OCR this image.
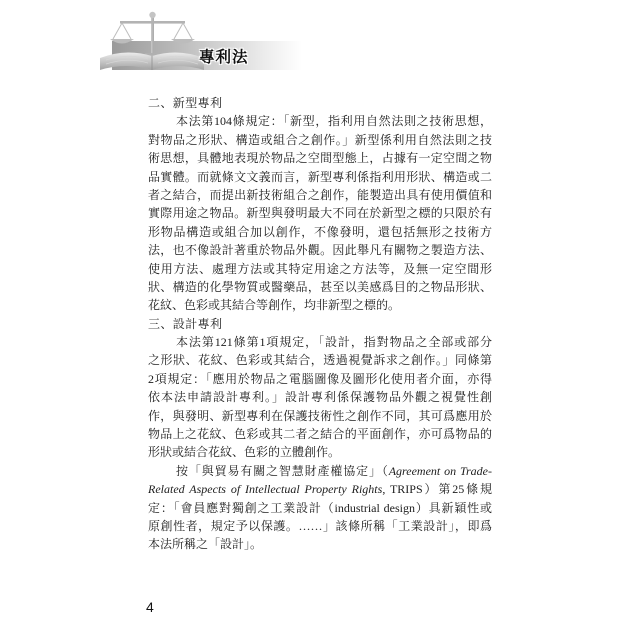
專利法
二、新型專利
本法第104條規定：「新型，指利用自然法則之技術思想，
對物品之形狀、構造或組合之創作。」新型係利用自然法則之技
術思想，具體地表現於物品之空間型態上，占據有一定空間之物
品實體。而就條文文義而言，新型專利係指利用形狀、構造或二
者之結合，而提出新技術組合之創作，能製造出具有使用價值和
實際用途之物品。新型與發明最大不同在於新型之標的只限於有
形物品構造或組合加以創作，不像發明，還包括無形之技術方
法，也不像設計著重於物品外觀。因此舉凡有關物之製造方法、
使用方法、處理方法或其特定用途之方法等，及無一定空間形
狀、構造的化學物質或醫藥品，甚至以美感爲目的之物品形狀、
花紋、色彩或其結合等創作，均非新型之標的。
三、設計專利
本法第121條第1項規定，「設計，指對物品之全部或部分
之形狀、花紋、色彩或其結合，透過視覺訴求之創作。」同條第
2項規定：「應用於物品之電腦圖像及圖形化使用者介面，亦得
依本法申請設計專利。」設計專利係保護物品外觀之視覺性創
作，與發明、新型專利在保護技術性之創作不同，其可爲應用於
物品上之花紋、色彩或其二者之結合的平面創作，亦可爲物品的
形狀或結合花紋、色彩的立體創作。
按「與貿易有關之智慧財產權協定」（Agreement on Trade-
Related Aspects of Intellectual Property Rights, TRIPS）第25條規
定：「會員應對獨創之工業設計（industrial design）具新穎性或
原創性者，規定予以保護。……」該條所稱「工業設計」，即爲
本法所稱之「設計」。
4
